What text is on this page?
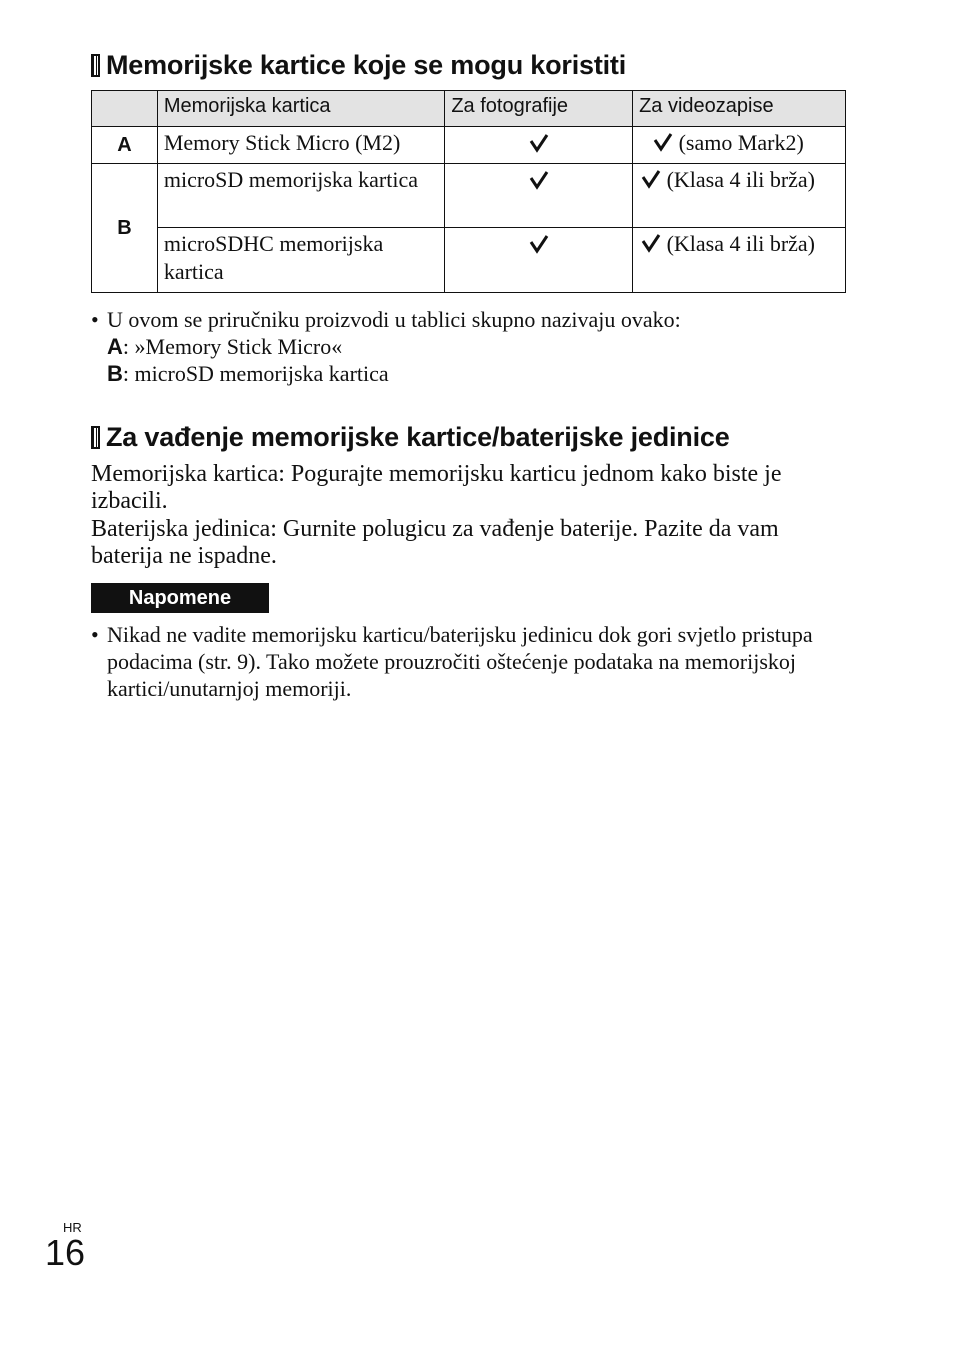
Memorijske kartice koje se mogu koristiti
	Memorijska kartica	Za fotografije	Za videozapise
A	Memory Stick Micro (M2)		(samo Mark2)
B	microSD memorijska kartica		(Klasa 4 ili brža)
	microSDHC memorijska kartica		(Klasa 4 ili brža)
• U ovom se priručniku proizvodi u tablici skupno nazivaju ovako:
A: »Memory Stick Micro«
B: microSD memorijska kartica
Za vađenje memorijske kartice/baterijske jedinice
Memorijska kartica: Pogurajte memorijsku karticu jednom kako biste je izbacili.
Baterijska jedinica: Gurnite polugicu za vađenje baterije. Pazite da vam baterija ne ispadne.
Napomene
• Nikad ne vadite memorijsku karticu/baterijsku jedinicu dok gori svjetlo pristupa podacima (str. 9). Tako možete prouzročiti oštećenje podataka na memorijskoj kartici/unutarnjoj memoriji.
HR
16
